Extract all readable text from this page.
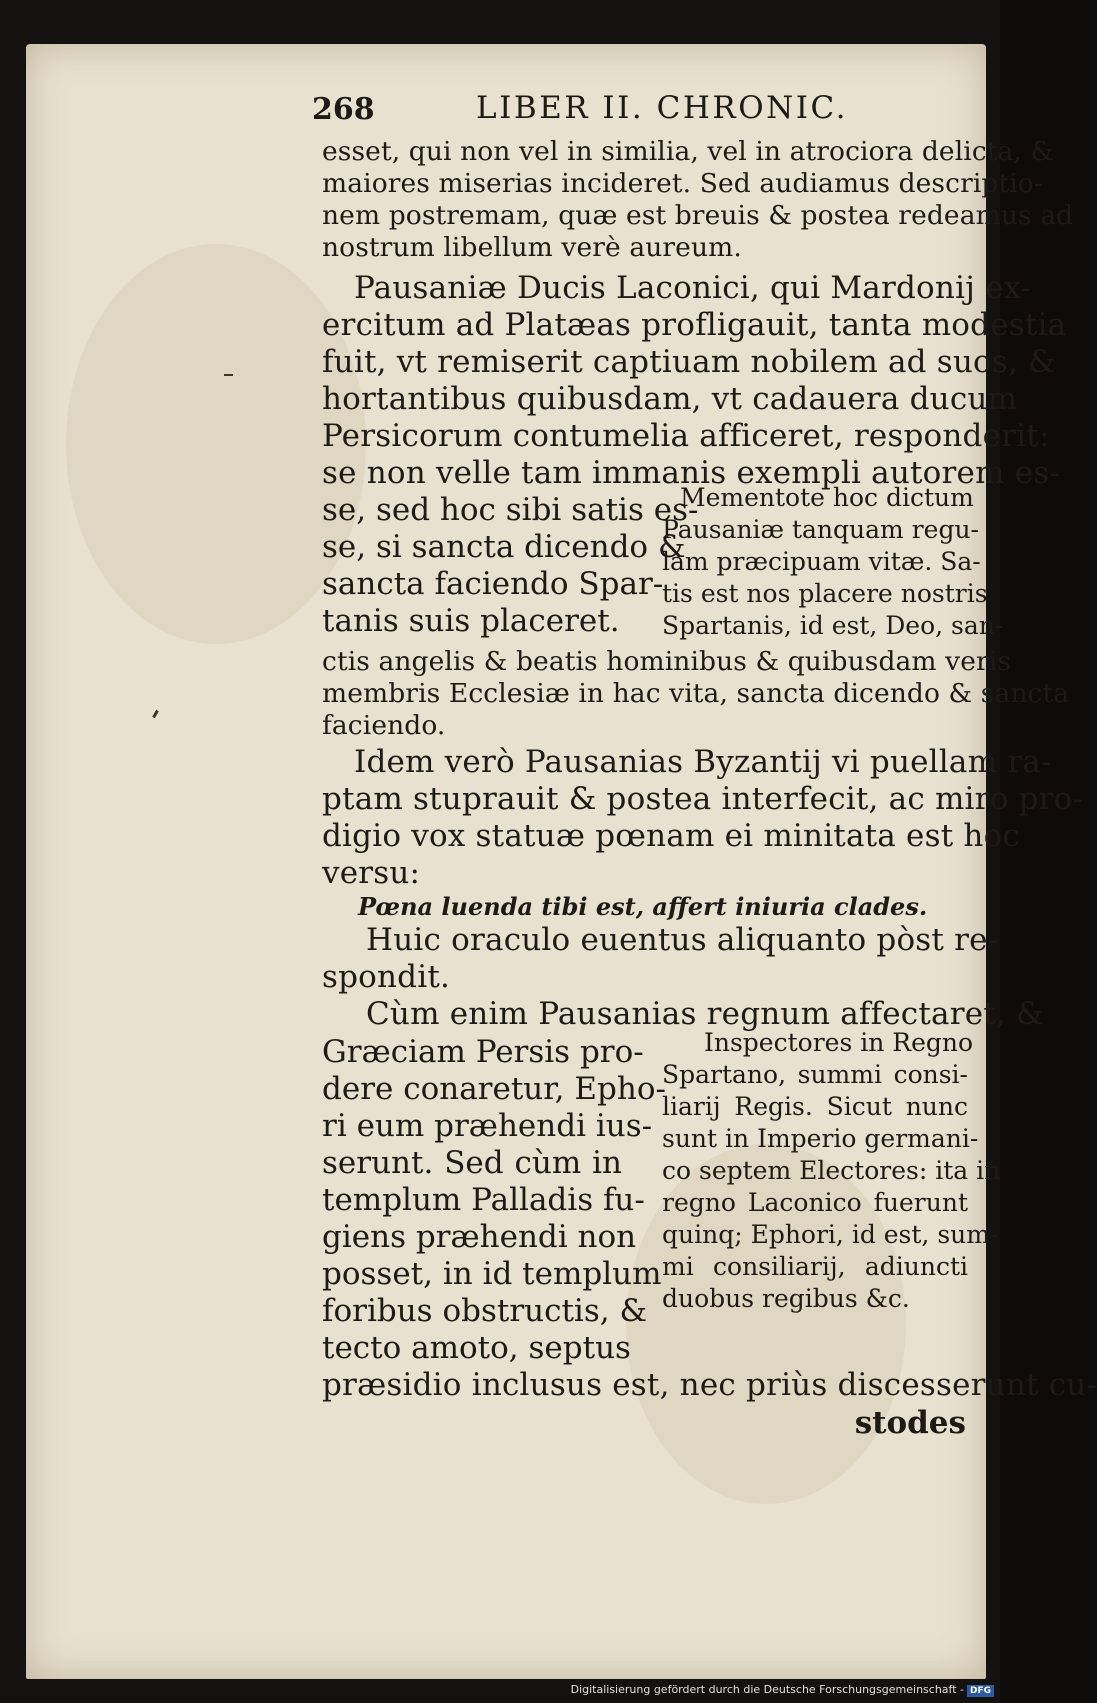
268	LIBER II. CHRONIC.
esset, qui non vel in similia, vel in atrociora delicta, &
maiores miserias incideret. Sed audiamus descriptio-
nem postremam, quæ est breuis & postea redeamus ad
nostrum libellum verè aureum.
Pausaniæ Ducis Laconici, qui Mardonij ex-
ercitum ad Platæas profligauit, tanta modestia
fuit, vt remiserit captiuam nobilem ad suos, &
hortantibus quibusdam, vt cadauera ducum
Persicorum contumelia afficeret, responderit:
se non velle tam immanis exempli autorem es-
se, sed hoc sibi satis es-
se, si sancta dicendo &
sancta faciendo Spar-
tanis suis placeret.
Mementote hoc dictum
Pausaniæ tanquam regu-
lam præcipuam vitæ. Sa-
tis est nos placere nostris
Spartanis, id est, Deo, san-
ctis angelis & beatis hominibus & quibusdam veris
membris Ecclesiæ in hac vita, sancta dicendo & sancta
faciendo.
Idem verò Pausanias Byzantij vi puellam ra-
ptam stuprauit & postea interfecit, ac miro pro-
digio vox statuæ pœnam ei minitata est hoc
versu:
Pœna luenda tibi est, affert iniuria clades.
Huic oraculo euentus aliquanto pòst re-
spondit.
Cùm enim Pausanias regnum affectaret, &
Græciam Persis pro-
dere conaretur, Epho-
ri eum præhendi ius-
serunt. Sed cùm in
templum Palladis fu-
giens præhendi non
posset, in id templum
foribus obstructis, &
tecto amoto, septus
Inspectores in Regno
Spartano, summi consi-
liarij Regis. Sicut nunc
sunt in Imperio germani-
co septem Electores: ita in
regno Laconico fuerunt
quinq; Ephori, id est, sum-
mi consiliarij, adiuncti
duobus regibus &c.
præsidio inclusus est, nec priùs discesserunt cu-
stodes
Digitalisierung gefördert durch die Deutsche Forschungsgemeinschaft - DFG
